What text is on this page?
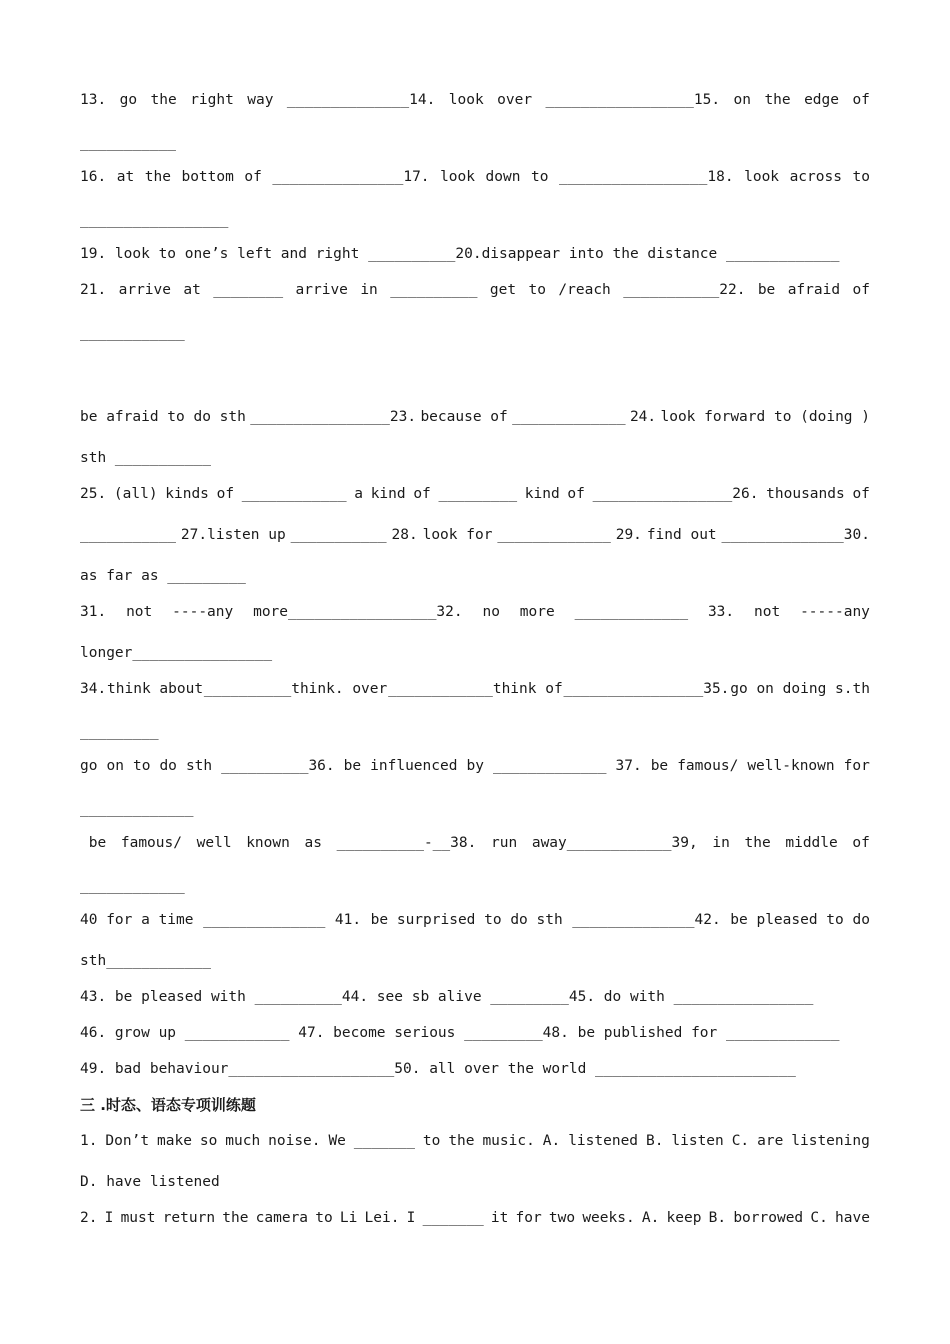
13. go the right way ______________14. look over _________________15. on the edge of
___________
16. at the bottom of _______________17. look down to _________________18. look across to
_________________
19. look to one’s left and right __________20.disappear into the distance _____________
21. arrive at ________ arrive in __________ get to /reach ___________22. be afraid of
____________
be afraid to do sth ________________23. because of _____________ 24. look forward to (doing )
sth ___________
25. (all) kinds of ____________ a kind of _________ kind of ________________26. thousands of
___________ 27.listen up ___________ 28. look for _____________ 29. find out ______________30.
as far as _________
31. not ----any more_________________32. no more _____________ 33. not -----any
longer________________
34. think about __________think. over ____________think of ________________35. go on doing s.th
_________
go on to do sth __________36. be influenced by _____________ 37. be famous/ well-known for
_____________
be famous/ well known as __________-__38. run away____________39, in the middle of
____________
40 for a time ______________ 41. be surprised to do sth ______________42. be pleased to do
sth____________
43. be pleased with __________44. see sb alive _________45. do with ________________
46. grow up ____________ 47. become serious _________48. be published for _____________
49. bad behaviour___________________50. all over the world _______________________
三 .时态、语态专项训练题
1. Don’t make so much noise. We _______ to the music. A. listened B. listen C. are listening
D. have listened
2. I must return the camera to Li Lei. I _______ it for two weeks. A. keep B. borrowed C. have
